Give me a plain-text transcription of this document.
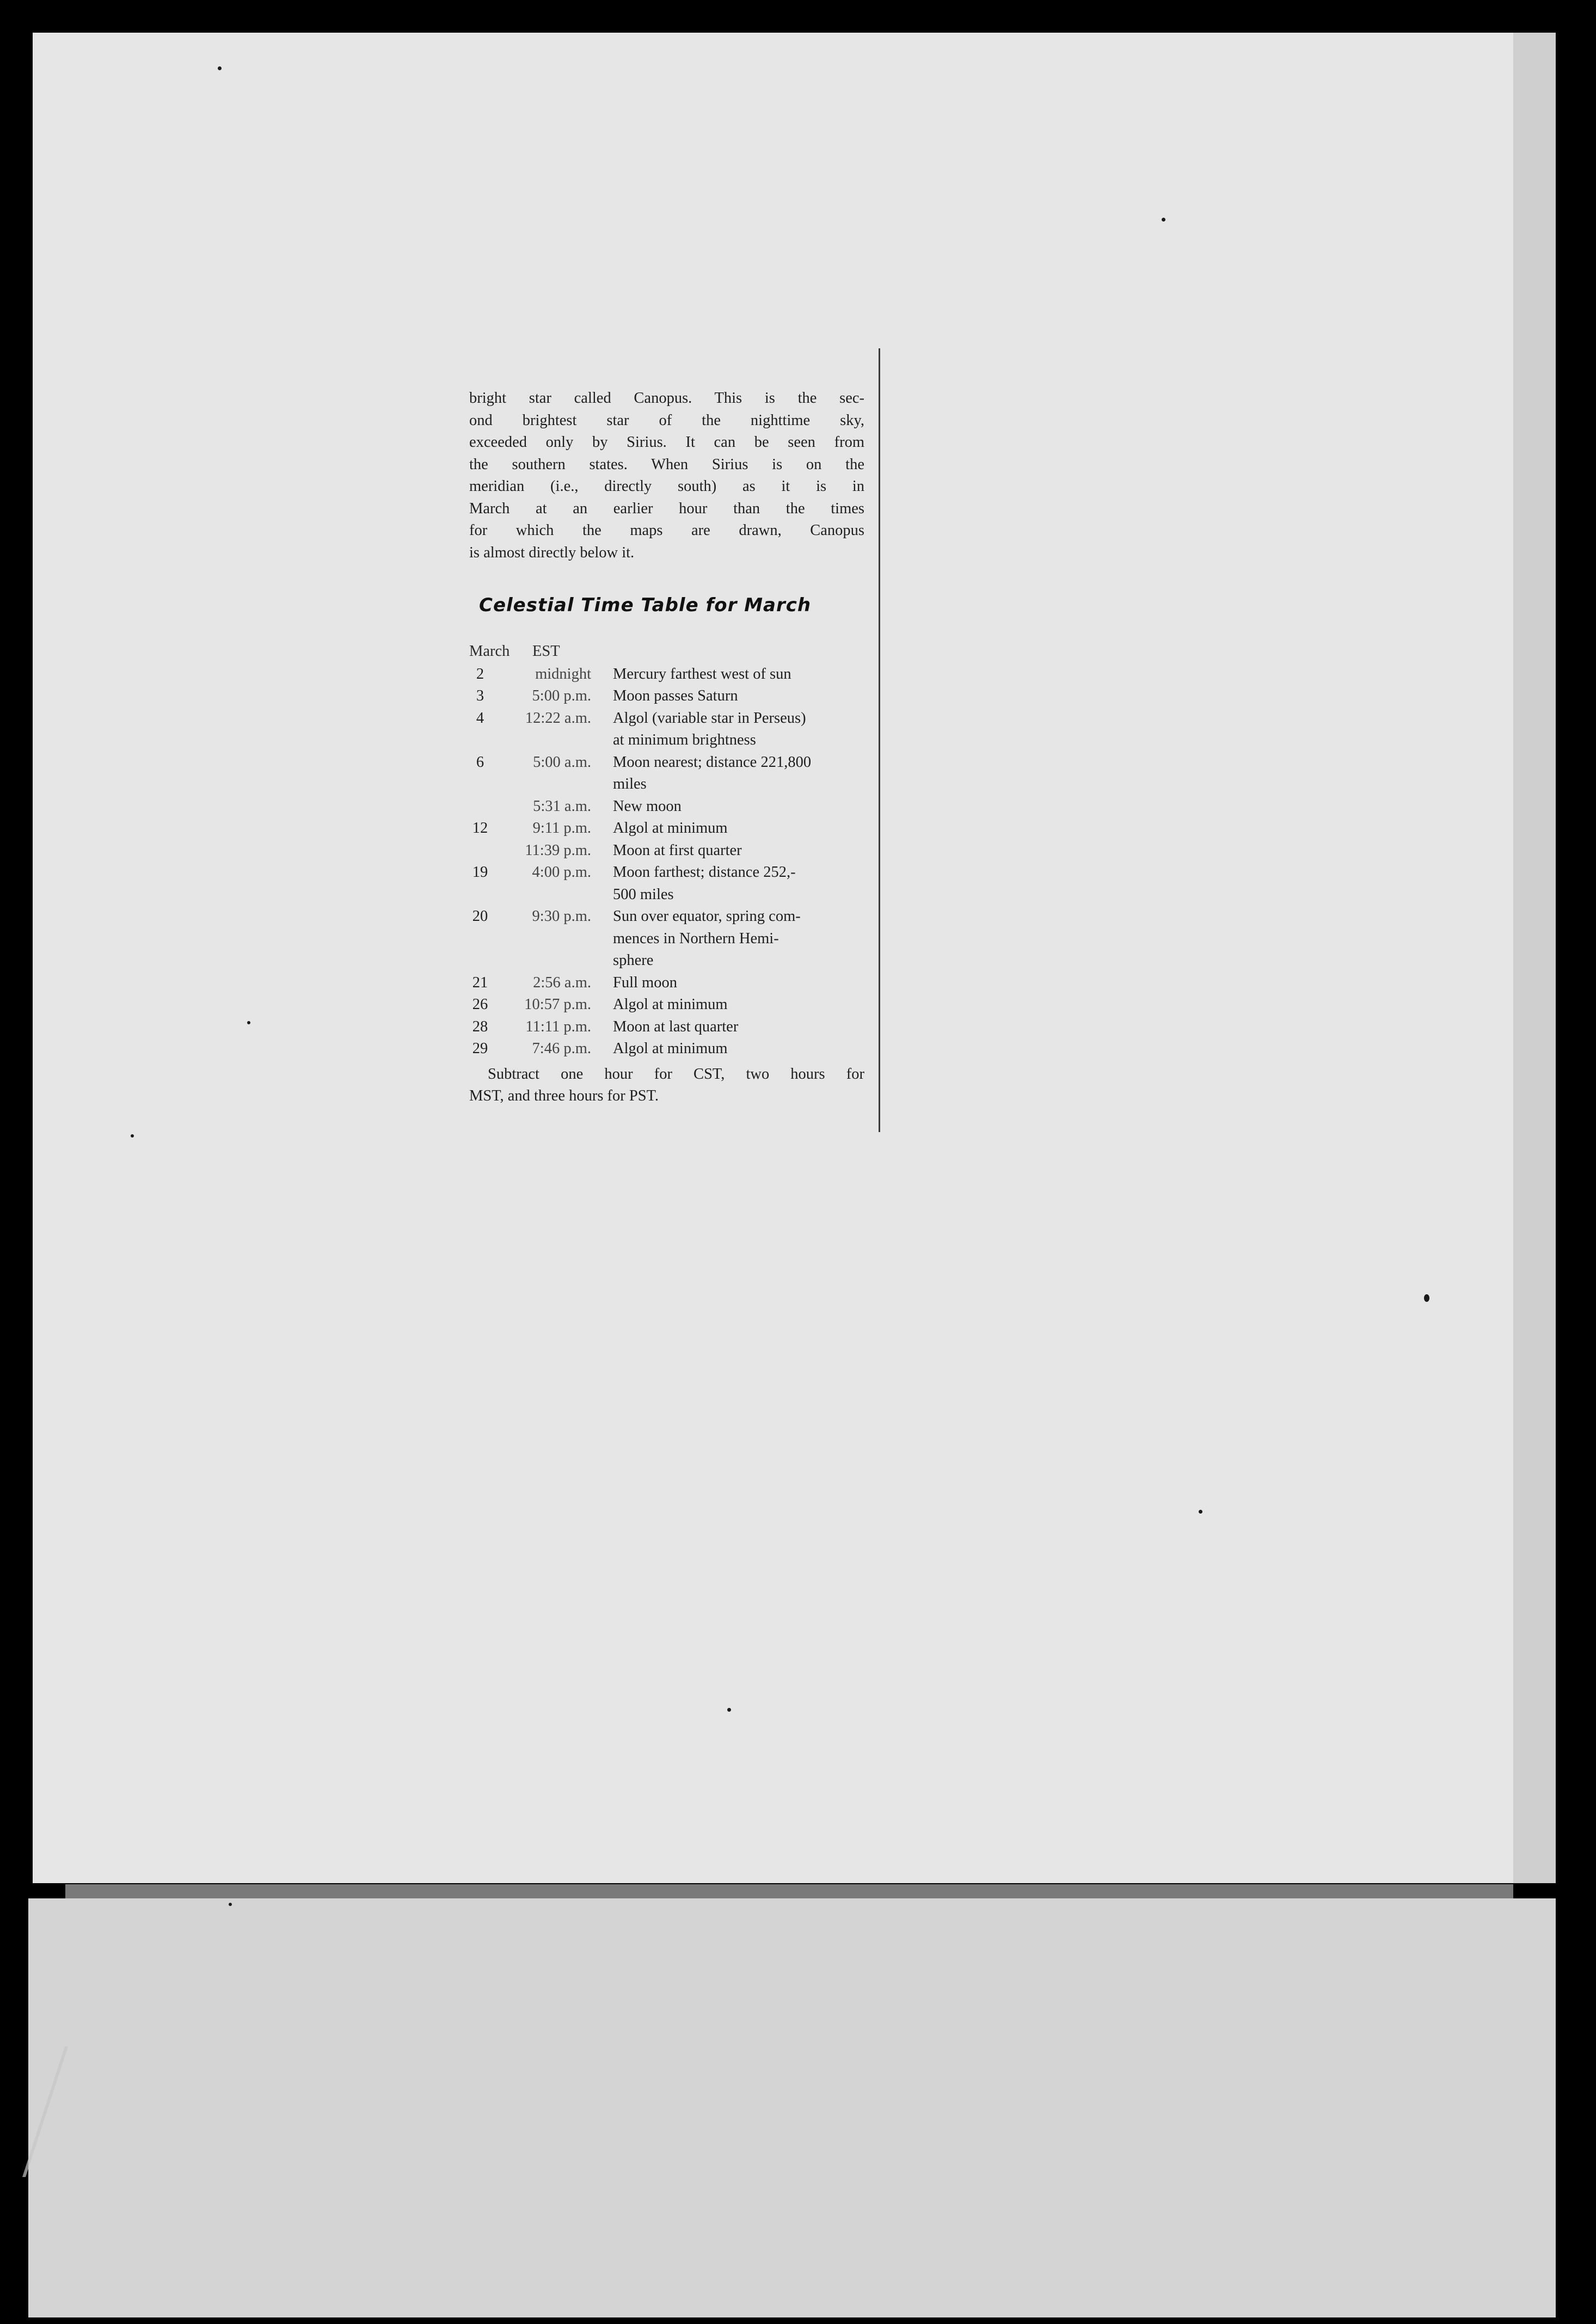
bright star called Canopus. This is the sec-
ond brightest star of the nighttime sky,
exceeded only by Sirius. It can be seen from
the southern states. When Sirius is on the
meridian (i.e., directly south) as it is in
March at an earlier hour than the times
for which the maps are drawn, Canopus
is almost directly below it.
Celestial Time Table for March
March EST
2	midnight Mercury farthest west of sun
3	5:00 p.m. Moon passes Saturn
4	12:22 a.m. Algol (variable star in Perseus)
at minimum brightness
6	5:00 a.m. Moon nearest; distance 221,800
miles
5:31 a.m. New moon
12	9:11 p.m. Algol at minimum
11:39 p.m. Moon at first quarter
19	4:00 p.m. Moon farthest; distance 252,-
500 miles
20	9:30 p.m. Sun over equator, spring com-
mences in Northern Hemi-
sphere
21	2:56 a.m. Full moon
26	10:57 p.m. Algol at minimum
28	11:11 p.m. Moon at last quarter
29	7:46 p.m. Algol at minimum
Subtract one hour for CST, two hours for
MST, and three hours for PST.
